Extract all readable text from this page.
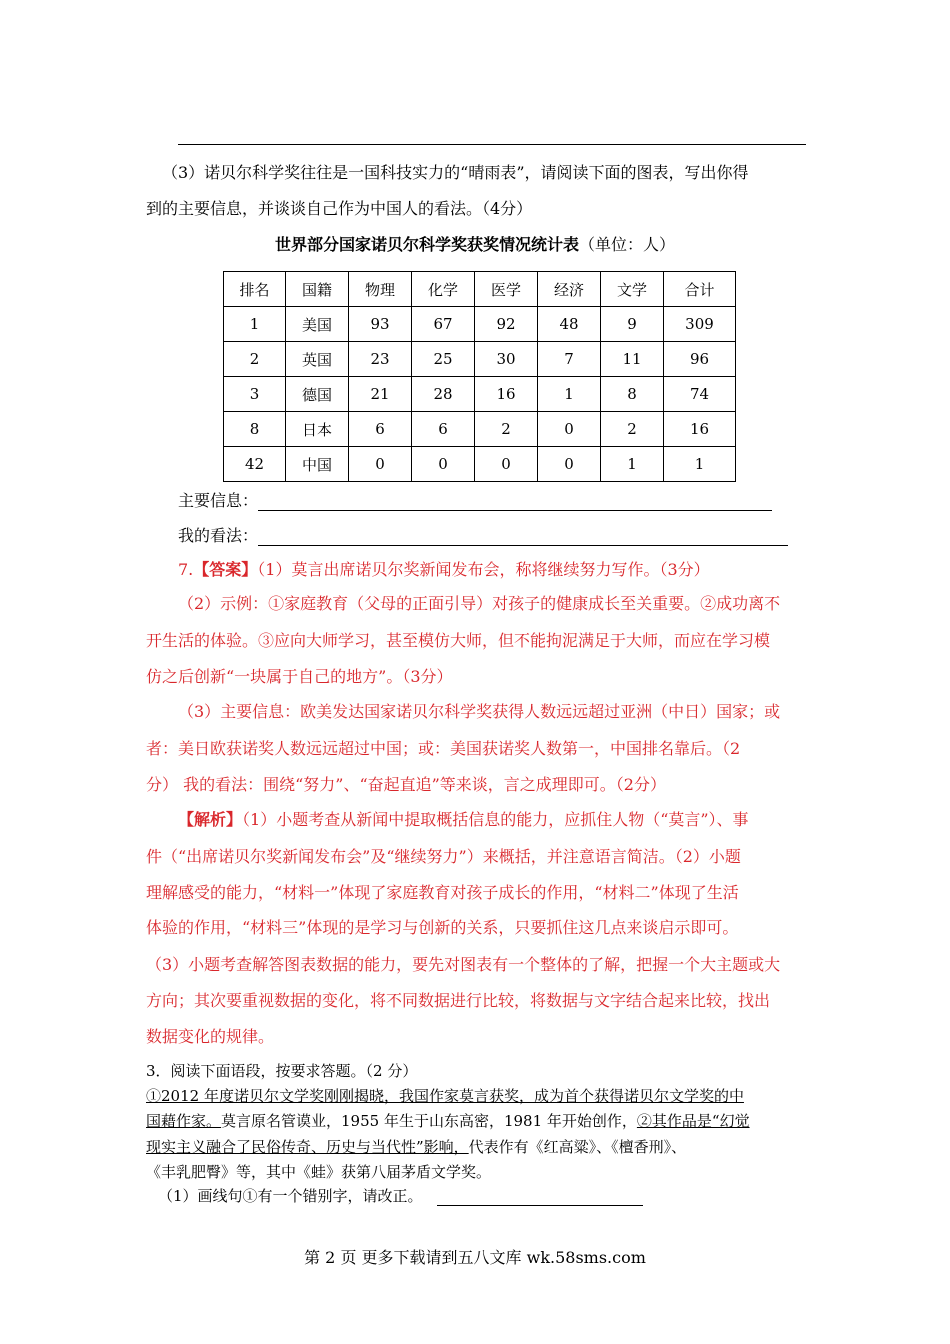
（3）诺贝尔科学奖往往是一国科技实力的“晴雨表”，请阅读下面的图表，写出你得
到的主要信息，并谈谈自己作为中国人的看法。（4分）
世界部分国家诺贝尔科学奖获奖情况统计表（单位：人）
排名	国籍	物理	化学	医学	经济	文学	合计
1	美国	93	67	92	48	9	309
2	英国	23	25	30	7	11	96
3	德国	21	28	16	1	8	74
8	日本	6	6	2	0	2	16
42	中国	0	0	0	0	1	1
主要信息：
我的看法：
7.【答案】（1）莫言出席诺贝尔奖新闻发布会，称将继续努力写作。（3分）
（2）示例：①家庭教育（父母的正面引导）对孩子的健康成长至关重要。②成功离不
开生活的体验。③应向大师学习，甚至模仿大师，但不能拘泥满足于大师，而应在学习模
仿之后创新“一块属于自己的地方”。（3分）
（3）主要信息：欧美发达国家诺贝尔科学奖获得人数远远超过亚洲（中日）国家；或
者：美日欧获诺奖人数远远超过中国；或：美国获诺奖人数第一，中国排名靠后。（2
分） 我的看法：围绕“努力”、“奋起直追”等来谈，言之成理即可。（2分）
【解析】（1）小题考查从新闻中提取概括信息的能力，应抓住人物（“莫言”）、事
件（“出席诺贝尔奖新闻发布会”及“继续努力”）来概括，并注意语言简洁。（2）小题
理解感受的能力，“材料一”体现了家庭教育对孩子成长的作用，“材料二”体现了生活
体验的作用，“材料三”体现的是学习与创新的关系，只要抓住这几点来谈启示即可。
（3）小题考查解答图表数据的能力，要先对图表有一个整体的了解，把握一个大主题或大
方向；其次要重视数据的变化，将不同数据进行比较，将数据与文字结合起来比较，找出
数据变化的规律。
3．阅读下面语段，按要求答题。（2 分）
①2012 年度诺贝尔文学奖刚刚揭晓，我国作家莫言获奖，成为首个获得诺贝尔文学奖的中
国藉作家。莫言原名管谟业，1955 年生于山东高密，1981 年开始创作，②其作品是“幻觉
现实主义融合了民俗传奇、历史与当代性”影响，代表作有《红高粱》、《檀香刑》、
《丰乳肥臀》等，其中《蛙》获第八届茅盾文学奖。
（1）画线句①有一个错别字，请改正。
第 2 页 更多下载请到五八文库 wk.58sms.com
